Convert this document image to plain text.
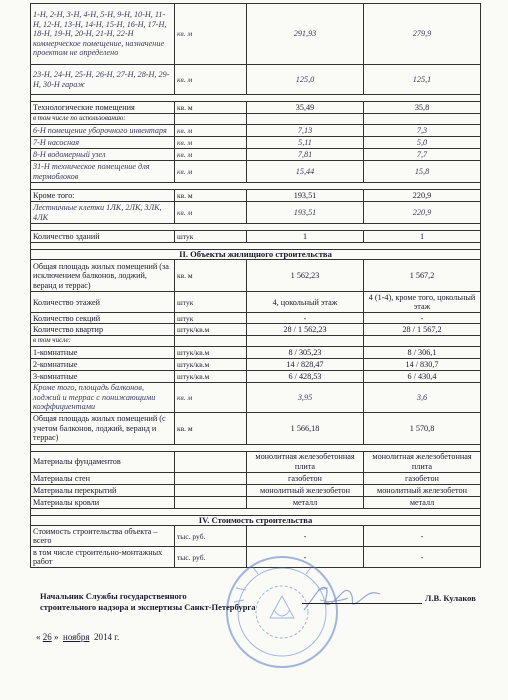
1-Н, 2-Н, 3-Н, 4-Н, 5-Н, 9-Н, 10-Н, 11-Н, 12-Н, 13-Н, 14-Н, 15-Н, 16-Н, 17-Н, 18-Н, 19-Н, 20-Н, 21-Н, 22-Н коммерческое помещение, назначение проектом не определено	кв. м	291,93	279,9
23-Н, 24-Н, 25-Н, 26-Н, 27-Н, 28-Н, 29-Н, 30-Н гараж	кв. м	125,0	125,1

Технологические помещения	кв. м	35,49	35,8
в том числе по использованию:			
6-Н помещение уборочного инвентаря	кв. м	7,13	7,3
7-Н насосная	кв. м	5,11	5,0
8-Н водомерный узел	кв. м	7,81	7,7
31-Н техническое помещение для термоблоков	кв. м	15,44	15,8

Кроме того:	кв. м	193,51	220,9
Лестничные клетки 1ЛК, 2ЛК, 3ЛК, 4ЛК	кв. м	193,51	220,9

Количество зданий	штук	1	1

II. Объекты жилищного строительства			
Общая площадь жилых помещений (за исключением балконов, лоджий, веранд и террас)	кв. м	1 562,23	1 567,2
Количество этажей	штук	4, цокольный этаж	4 (1-4), кроме того, цокольный этаж
Количество секций	штук	-	-
Количество квартир	штук/кв.м	28 / 1 562,23	28 / 1 567,2
в том числе:			
1-комнатные	штук/кв.м	8 / 305,23	8 / 306,1
2-комнатные	штук/кв.м	14 / 828,47	14 / 830,7
3-комнатные	штук/кв.м	6 / 428,53	6 / 430,4
Кроме того, площадь балконов, лоджий и террас с понижающими коэффициентами	кв. м	3,95	3,6
Общая площадь жилых помещений (с учетом балконов, лоджий, веранд и террас)	кв. м	1 566,18	1 570,8

Материалы фундаментов		монолитная железобетонная плита	монолитная железобетонная плита
Материалы стен		газобетон	газобетон
Материалы перекрытий		монолитный железобетон	монолитный железобетон
Материалы кровли		металл	металл

IV. Стоимость строительства			
Стоимость строительства объекта – всего	тыс. руб.	-	-
в том числе строительно-монтажных работ	тыс. руб.	-	-
Начальник Службы государственного
строительного надзора и экспертизы Санкт-Петербурга
Л.В. Кулаков
« 26 »  ноября 2014 г.
